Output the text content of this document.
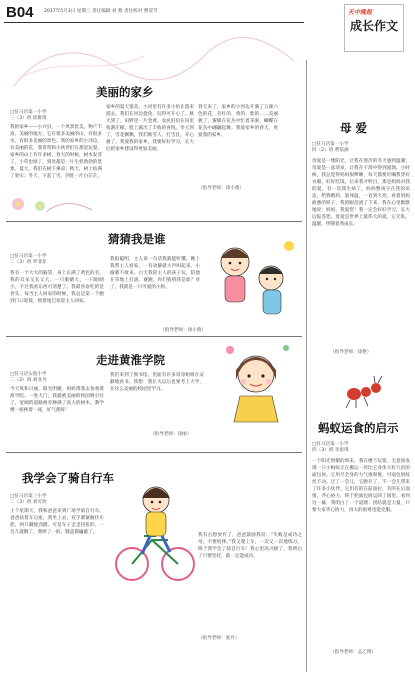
B04 2017年5月3日 星期三 责任编辑 刘 燕 责任校对 曹迎节	天中晚报
成长作文
美丽的家乡
□驻马店第一小学
三（3）班 崔雅琦
我的家乡——小兴县，一个风景优美、物产丰富、美丽的地方，它有很多美丽的山，有很多水，有很多美丽的景色。我的家乡的小河边，有美丽的花，我常常和小伙伴们在那里玩耍。家乡的山上有许多树，春天的时候，树木发芽了，小草也绿了，到处都是一片生机勃勃的景象。夏天，我们在树下乘凉；秋天，树上结满了果实；冬天，下起了雪，到处一片白茫茫。
家乡的夏天很美，小河里有许多小鱼在游来游去，我们在河边捉鱼，玩得可开心了。秋天到了，田野里一片金黄，农民伯伯在田里收割庄稼，脸上露出了丰收的喜悦。冬天到了，雪花飘飘，我们堆雪人、打雪仗，开心极了。我爱我的家乡，我要好好学习，长大后把家乡建设得更加美丽。
春天来了，家乡的小河边开满了五颜六色的花，有红的、黄的、紫的……美丽极了，蜜蜂在花丛中忙着采蜜，蝴蝶在花丛中翩翩起舞。我爱家乡的春天，更爱我的家乡。
（指导老师：徐小燕）
猜猜我是谁
□驻马店第一小学
二（3）班 罗菲菲
我有一个大大的脑袋，身上长满了黄色的毛，我的耳朵又长又大，一只眼睛大，一只眼睛小，不过我看东西可清楚了。我最喜欢吃的是骨头，每当主人回家的时候，我总是第一个跑到门口迎接，摇着尾巴欢迎主人回家。
我很聪明，主人说一句话我就能听懂。晚上我帮主人看家，一有动静就大声叫起来，小偷都不敢来。白天我陪主人的孩子玩，陪他在草地上打滚、赛跑。你们猜猜我是谁？对了，我就是一只可爱的小狗。
（指导老师：徐小燕）
走进黄淮学院
□驻马店实验小学
二（2）班 刘亚丹
今天风和日丽，阳光明媚，妈妈带我去参观黄淮学院。一进大门，我就被美丽的校园吸引住了，宽阔的道路两旁种满了高大的树木，教学楼一座挨着一座，好气派呀！
我们来到了图书馆，里面有许多哥哥姐姐在安静地看书。我想：我长大以后也要考上大学，在这么美丽的校园里学习。
（指导老师：徐丽）
我学会了骑自行车
□驻马店第三小学
二（3）班 刘可欣
上个星期天，我和爸爸来到广场学骑自行车。爸爸扶着车后座，我坐上去，双手紧紧握住车把，两只脚使劲蹬。可是车子歪歪扭扭的，一会儿就倒了，我摔了一跤，膝盖都磕破了。
我有点想放弃了，爸爸鼓励我说：“失败是成功之母，不要怕摔。”我又爬上车，一次又一次地练习，终于我学会了骑自行车！我心里高兴极了，我明白了只要坚持，就一定能成功。
（指导老师：张丹）
母 爱
□驻马店第一小学
四（2）班 曹依涵
母爱是一缕阳光，让我在寒冷的冬天感到温暖；母爱是一泓清泉，让我在干渴中得到滋润。小时候，我总觉得妈妈很啰嗦，每天都要叮嘱我穿好衣服、好好吃饭。后来我才明白，那是妈妈对我的爱。有一次我生病了，妈妈整夜守在我的床边，给我喂药、量体温，一直到天亮。看着妈妈疲惫的样子，我的眼泪流了下来。我在心里默默地说：妈妈，我爱您！我一定会好好学习，长大后报答您。母爱是世界上最伟大的爱，它无私、温暖，伴随着我成长。
（指导老师：徐艳）
蚂蚁运食的启示
□驻马店第一小学
四（3）班 李思琪
一个阳光明媚的周末，我在楼下玩耍，无意间发现一只小蚂蚁正在搬运一块比它身体大好几倍的面包屑。它用尽全身的力气推呀推，可面包屑纹丝不动。过了一会儿，它跑开了，不一会儿带来了许多小伙伴。它们有的在前面拉，有的在后面推，齐心协力，终于把面包屑运回了洞里。看到这一幕，我明白了一个道理：团结就是力量，只要大家齐心协力，再大的困难也能克服。
（指导老师：孟乙博）
